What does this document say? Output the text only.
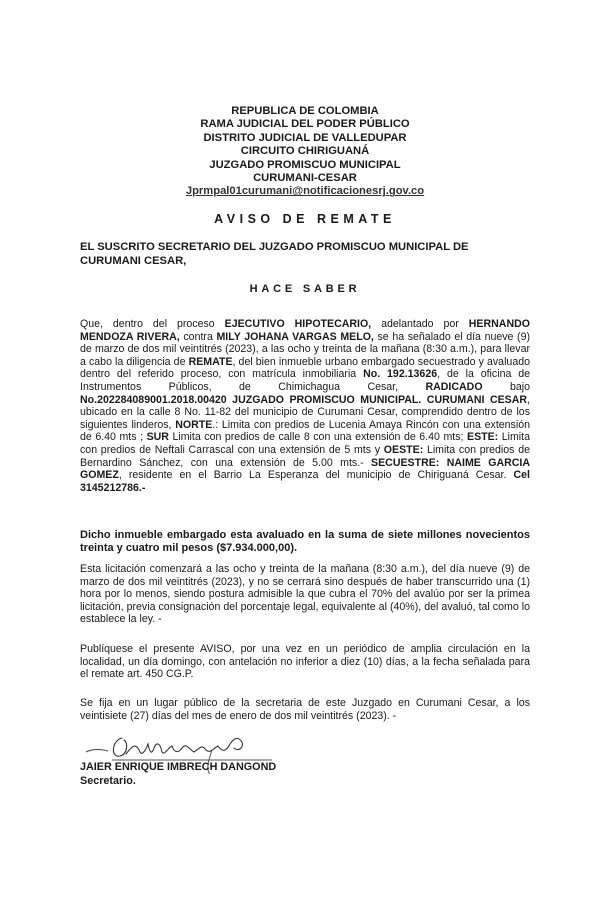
REPUBLICA DE COLOMBIA
RAMA JUDICIAL DEL PODER PÚBLICO
DISTRITO JUDICIAL DE VALLEDUPAR
CIRCUITO CHIRIGUANÁ
JUZGADO PROMISCUO MUNICIPAL
CURUMANI-CESAR
Jprmpal01curumani@notificacionesrj.gov.co
AVISO DE REMATE
EL SUSCRITO SECRETARIO DEL JUZGADO PROMISCUO MUNICIPAL DE CURUMANI CESAR,
HACE SABER
Que, dentro del proceso EJECUTIVO HIPOTECARIO, adelantado por HERNANDO MENDOZA RIVERA, contra MILY JOHANA VARGAS MELO, se ha señalado el día nueve (9) de marzo de dos mil veintitrés (2023), a las ocho y treinta de la mañana (8:30 a.m.), para llevar a cabo la diligencia de REMATE, del bien inmueble urbano embargado secuestrado y avaluado dentro del referido proceso, con matrícula inmobiliaria No. 192.13626, de la oficina de Instrumentos Públicos, de Chimichagua Cesar, RADICADO bajo No.202284089001.2018.00420 JUZGADO PROMISCUO MUNICIPAL. CURUMANI CESAR, ubicado en la calle 8 No. 11-82 del municipio de Curumani Cesar, comprendido dentro de los siguientes linderos, NORTE.: Limita con predios de Lucenia Amaya Rincón con una extensión de 6.40 mts ; SUR Limita con predios de calle 8 con una extensión de 6.40 mts; ESTE: Limita con predios de Neftali Carrascal con una extensión de 5 mts y OESTE: Limita con predios de Bernardino Sánchez, con una extensión de 5.00 mts.- SECUESTRE: NAIME GARCIA GOMEZ, residente en el Barrio La Esperanza del municipio de Chiriguaná Cesar. Cel 3145212786.-
Dicho inmueble embargado esta avaluado en la suma de siete millones novecientos treinta y cuatro mil pesos ($7.934.000,00).
Esta licitación comenzará a las ocho y treinta de la mañana (8:30 a.m.), del día nueve (9) de marzo de dos mil veintitrés (2023), y no se cerrará sino después de haber transcurrido una (1) hora por lo menos, siendo postura admisible la que cubra el 70% del avalúo por ser la primea licitación, previa consignación del porcentaje legal, equivalente al (40%), del avaluó, tal como lo establece la ley. -
Publíquese el presente AVISO, por una vez en un periódico de amplia circulación en la localidad, un día domingo, con antelación no inferior a diez (10) días, a la fecha señalada para el remate art. 450 CG.P.
Se fija en un lugar público de la secretaria de este Juzgado en Curumani Cesar, a los veintisiete (27) días del mes de enero de dos mil veintitrés (2023). -
JAIER ENRIQUE IMBRECH DANGOND
Secretario.
